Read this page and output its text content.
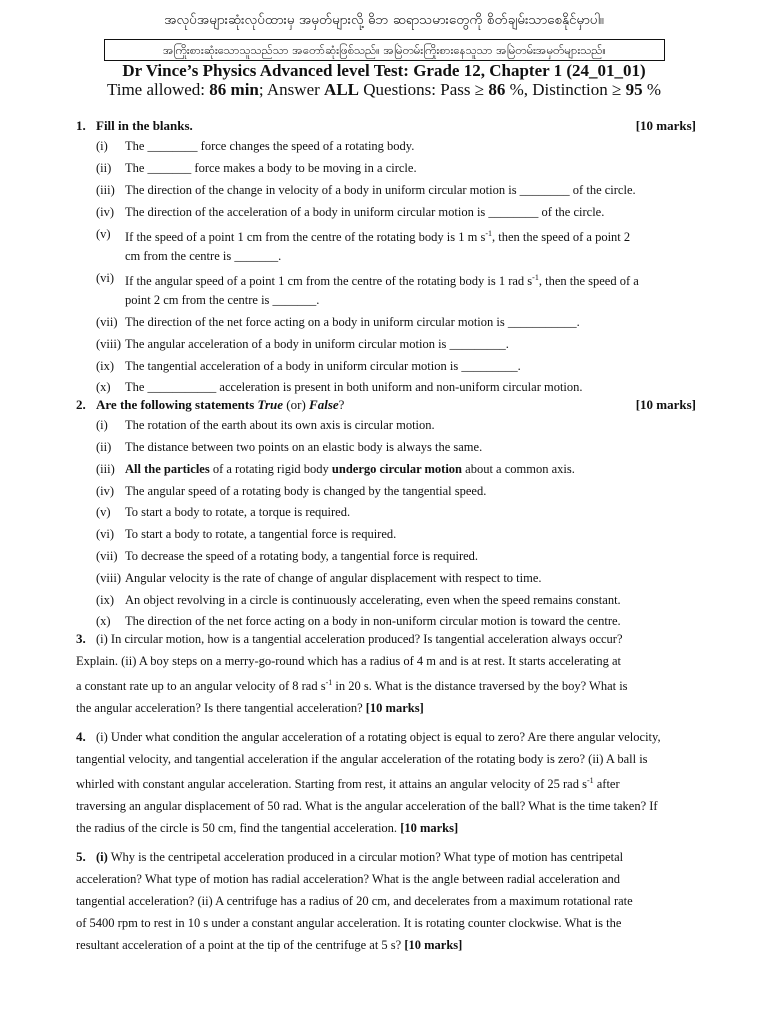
အလုပ်အများဆုံးလုပ်ထားမှ အမှတ်များလို့ ဓိဘ ဆရာသမားတွေကို စိတ်ချမ်းသာစေနိုင်မှာပါ။
အကြိုးစားဆုံးသောသူသည်သာ အတော်ဆုံးဖြစ်သည်။ အမြဲတမ်းကြိုးစားနေသူသာ အမြဲတမ်းအမှတ်များသည်။
Dr Vince’s Physics Advanced level Test: Grade 12, Chapter 1 (24_01_01)
Time allowed: 86 min; Answer ALL Questions: Pass ≥ 86 %, Distinction ≥ 95 %
1. Fill in the blanks.	[10 marks]
(i) The ________ force changes the speed of a rotating body.
(ii) The _______ force makes a body to be moving in a circle.
(iii) The direction of the change in velocity of a body in uniform circular motion is ________ of the circle.
(iv) The direction of the acceleration of a body in uniform circular motion is ________ of the circle.
(v) If the speed of a point 1 cm from the centre of the rotating body is 1 m $s^{-1}$, then the speed of a point 2
cm from the centre is _______.
(vi) If the angular speed of a point 1 cm from the centre of the rotating body is 1 rad $s^{-1}$, then the speed of a
point 2 cm from the centre is _______.
(vii) The direction of the net force acting on a body in uniform circular motion is ___________.
(viii) The angular acceleration of a body in uniform circular motion is _________.
(ix) The tangential acceleration of a body in uniform circular motion is _________.
(x) The ___________ acceleration is present in both uniform and non-uniform circular motion.
2. Are the following statements True (or) False?	[10 marks]
(i) The rotation of the earth about its own axis is circular motion.
(ii) The distance between two points on an elastic body is always the same.
(iii) All the particles of a rotating rigid body undergo circular motion about a common axis.
(iv) The angular speed of a rotating body is changed by the tangential speed.
(v) To start a body to rotate, a torque is required.
(vi) To start a body to rotate, a tangential force is required.
(vii) To decrease the speed of a rotating body, a tangential force is required.
(viii) Angular velocity is the rate of change of angular displacement with respect to time.
(ix) An object revolving in a circle is continuously accelerating, even when the speed remains constant.
(x) The direction of the net force acting on a body in non-uniform circular motion is toward the centre.
3. (i) In circular motion, how is a tangential acceleration produced? Is tangential acceleration always occur?
Explain. (ii) A boy steps on a merry-go-round which has a radius of 4 m and is at rest. It starts accelerating at
a constant rate up to an angular velocity of 8 rad $s^{-1}$ in 20 s. What is the distance traversed by the boy? What is
the angular acceleration? Is there tangential acceleration? [10 marks]
4. (i) Under what condition the angular acceleration of a rotating object is equal to zero? Are there angular velocity,
tangential velocity, and tangential acceleration if the angular acceleration of the rotating body is zero? (ii) A ball is
whirled with constant angular acceleration. Starting from rest, it attains an angular velocity of 25 rad $s^{-1}$ after
traversing an angular displacement of 50 rad. What is the angular acceleration of the ball? What is the time taken? If
the radius of the circle is 50 cm, find the tangential acceleration. [10 marks]
5. (i) Why is the centripetal acceleration produced in a circular motion? What type of motion has centripetal
acceleration? What type of motion has radial acceleration? What is the angle between radial acceleration and
tangential acceleration? (ii) A centrifuge has a radius of 20 cm, and decelerates from a maximum rotational rate
of 5400 rpm to rest in 10 s under a constant angular acceleration. It is rotating counter clockwise. What is the
resultant acceleration of a point at the tip of the centrifuge at 5 s? [10 marks]
